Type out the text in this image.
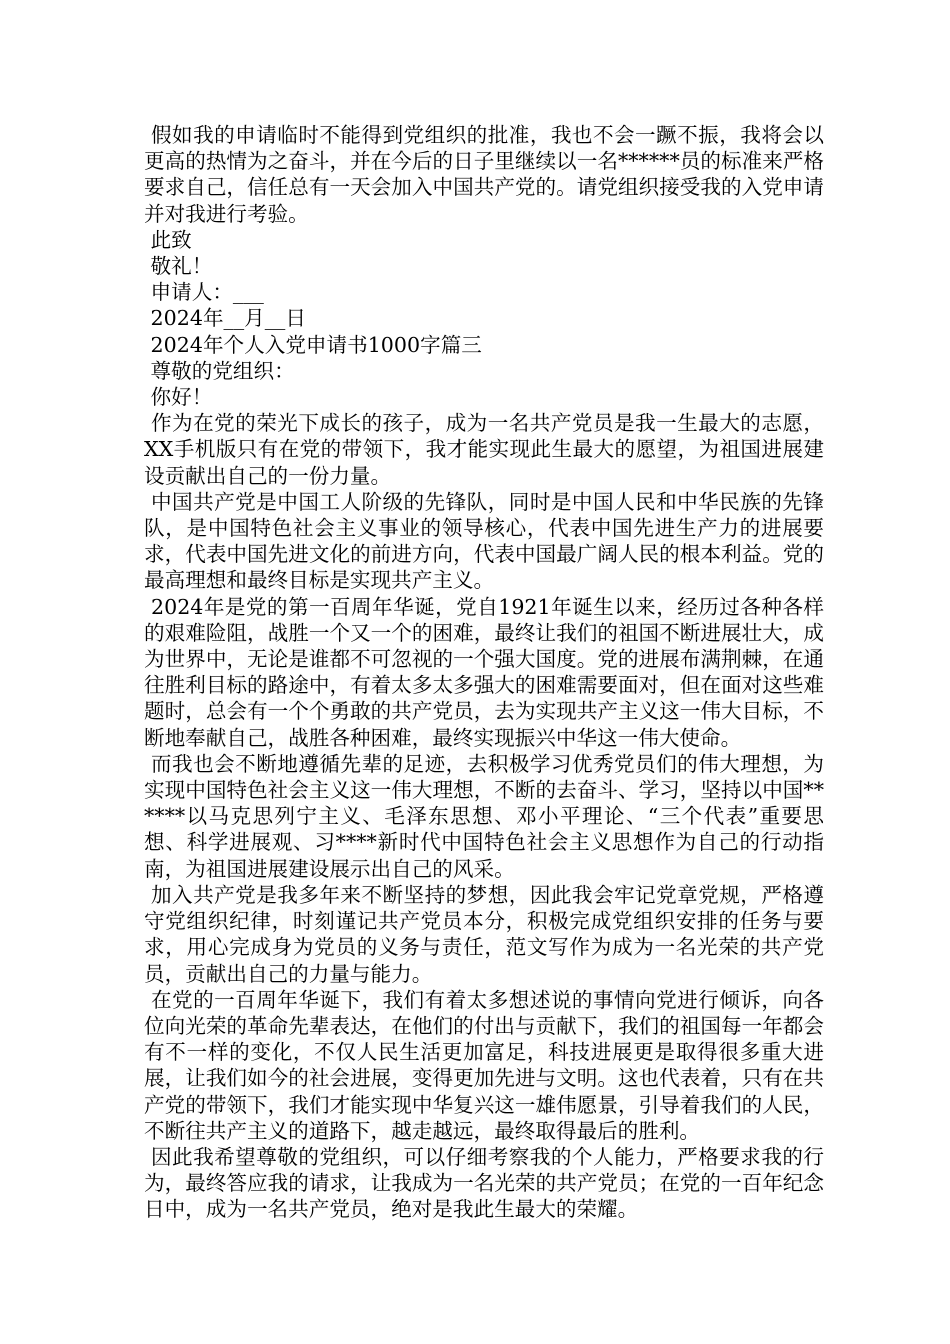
假如我的申请临时不能得到党组织的批准，我也不会一蹶不振，我将会以更高的热情为之奋斗，并在今后的日子里继续以一名******员的标准来严格要求自己，信任总有一天会加入中国共产党的。请党组织接受我的入党申请并对我进行考验。

此致

敬礼！

申请人：___

2024年__月__日

2024年个人入党申请书1000字篇三

尊敬的党组织：

你好！

作为在党的荣光下成长的孩子，成为一名共产党员是我一生最大的志愿，XX手机版只有在党的带领下，我才能实现此生最大的愿望，为祖国进展建设贡献出自己的一份力量。

中国共产党是中国工人阶级的先锋队，同时是中国人民和中华民族的先锋队，是中国特色社会主义事业的领导核心，代表中国先进生产力的进展要求，代表中国先进文化的前进方向，代表中国最广阔人民的根本利益。党的最高理想和最终目标是实现共产主义。

2024年是党的第一百周年华诞，党自1921年诞生以来，经历过各种各样的艰难险阻，战胜一个又一个的困难，最终让我们的祖国不断进展壮大，成为世界中，无论是谁都不可忽视的一个强大国度。党的进展布满荆棘，在通往胜利目标的路途中，有着太多太多强大的困难需要面对，但在面对这些难题时，总会有一个个勇敢的共产党员，去为实现共产主义这一伟大目标，不断地奉献自己，战胜各种困难，最终实现振兴中华这一伟大使命。

而我也会不断地遵循先辈的足迹，去积极学习优秀党员们的伟大理想，为实现中国特色社会主义这一伟大理想，不断的去奋斗、学习，坚持以中国******以马克思列宁主义、毛泽东思想、邓小平理论、“三个代表”重要思想、科学进展观、习****新时代中国特色社会主义思想作为自己的行动指南，为祖国进展建设展示出自己的风采。

加入共产党是我多年来不断坚持的梦想，因此我会牢记党章党规，严格遵守党组织纪律，时刻谨记共产党员本分，积极完成党组织安排的任务与要求，用心完成身为党员的义务与责任，范文写作为成为一名光荣的共产党员，贡献出自己的力量与能力。

在党的一百周年华诞下，我们有着太多想述说的事情向党进行倾诉，向各位向光荣的革命先辈表达，在他们的付出与贡献下，我们的祖国每一年都会有不一样的变化，不仅人民生活更加富足，科技进展更是取得很多重大进展，让我们如今的社会进展，变得更加先进与文明。这也代表着，只有在共产党的带领下，我们才能实现中华复兴这一雄伟愿景，引导着我们的人民，不断往共产主义的道路下，越走越远，最终取得最后的胜利。

因此我希望尊敬的党组织，可以仔细考察我的个人能力，严格要求我的行为，最终答应我的请求，让我成为一名光荣的共产党员；在党的一百年纪念日中，成为一名共产党员，绝对是我此生最大的荣耀。
